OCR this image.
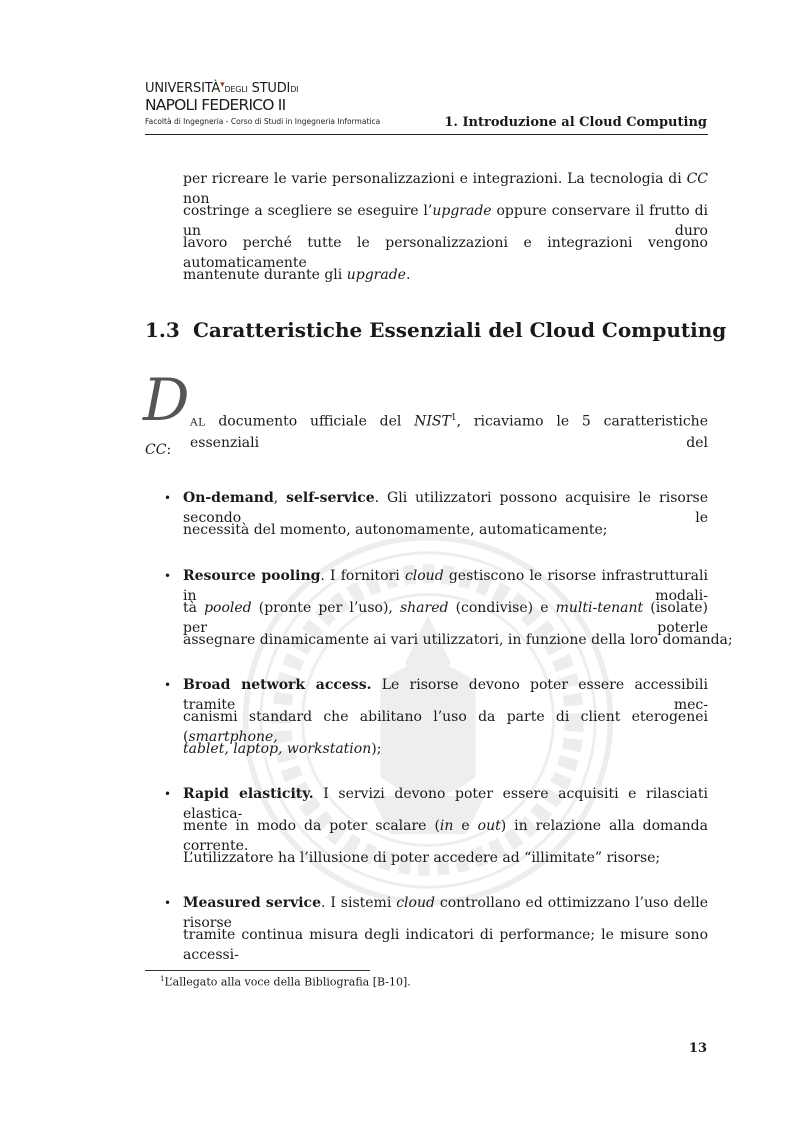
UNIVERSITÀ▾DEGLI STUDIDI
NAPOLI FEDERICO II
Facoltà di Ingegneria - Corso di Studi in Ingegneria Informatica	1. Introduzione al Cloud Computing
per ricreare le varie personalizzazioni e integrazioni. La tecnologia di CC non
costringe a scegliere se eseguire l’upgrade oppure conservare il frutto di un duro
lavoro perché tutte le personalizzazioni e integrazioni vengono automaticamente
mantenute durante gli upgrade.
1.3 Caratteristiche Essenziali del Cloud Computing
D AL documento ufficiale del NIST$^1$, ricaviamo le 5 caratteristiche essenziali del
CC:
• On-demand, self-service. Gli utilizzatori possono acquisire le risorse secondo le
necessità del momento, autonomamente, automaticamente;
• Resource pooling. I fornitori cloud gestiscono le risorse infrastrutturali in modali-
tà pooled (pronte per l’uso), shared (condivise) e multi-tenant (isolate) per poterle
assegnare dinamicamente ai vari utilizzatori, in funzione della loro domanda;
• Broad network access. Le risorse devono poter essere accessibili tramite mec-
canismi standard che abilitano l’uso da parte di client eterogenei (smartphone,
tablet, laptop, workstation);
• Rapid elasticity. I servizi devono poter essere acquisiti e rilasciati elastica-
mente in modo da poter scalare (in e out) in relazione alla domanda corrente.
L’utilizzatore ha l’illusione di poter accedere ad “illimitate” risorse;
• Measured service. I sistemi cloud controllano ed ottimizzano l’uso delle risorse
tramite continua misura degli indicatori di performance; le misure sono accessi-
$^1$L’allegato alla voce della Bibliografia [B-10].
13
